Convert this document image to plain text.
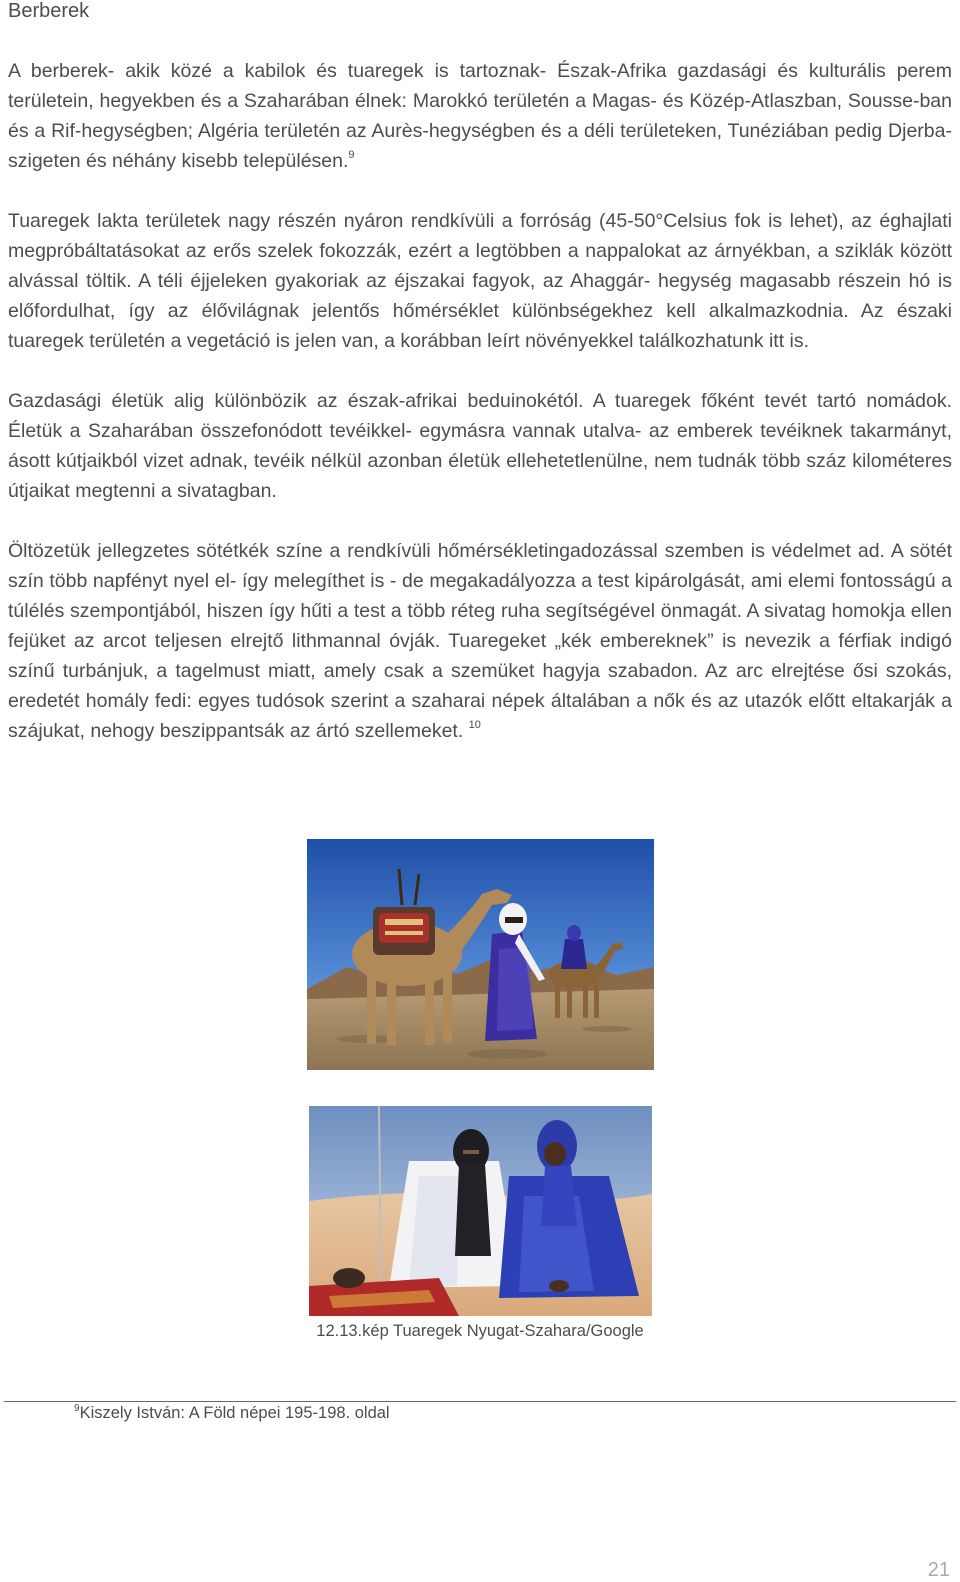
Berberek

A berberek- akik közé a kabilok és tuaregek is tartoznak- Észak-Afrika gazdasági és kulturális perem területein, hegyekben és a Szaharában élnek: Marokkó területén a Magas- és Közép-Atlaszban, Sousse-ban és a Rif-hegységben; Algéria területén az Aurès-hegységben és a déli területeken, Tunéziában pedig Djerba-szigeten és néhány kisebb településen.$^9$

Tuaregek lakta területek nagy részén nyáron rendkívüli a forróság (45-50°Celsius fok is lehet), az éghajlati megpróbáltatásokat az erős szelek fokozzák, ezért a legtöbben a nappalokat az árnyékban, a sziklák között alvással töltik. A téli éjjeleken gyakoriak az éjszakai fagyok, az Ahaggár- hegység magasabb részein hó is előfordulhat, így az élővilágnak jelentős hőmérséklet különbségekhez kell alkalmazkodnia. Az északi tuaregek területén a vegetáció is jelen van, a korábban leírt növényekkel találkozhatunk itt is.

Gazdasági életük alig különbözik az észak-afrikai beduinokétól. A tuaregek főként tevét tartó nomádok. Életük a Szaharában összefonódott tevéikkel- egymásra vannak utalva- az emberek tevéiknek takarmányt, ásott kútjaikból vizet adnak, tevéik nélkül azonban életük ellehetetlenülne, nem tudnák több száz kilométeres útjaikat megtenni a sivatagban.

Öltözetük jellegzetes sötétkék színe a rendkívüli hőmérsékletingadozással szemben is védelmet ad. A sötét szín több napfényt nyel el- így melegíthet is - de megakadályozza a test kipárolgását, ami elemi fontosságú a túlélés szempontjából, hiszen így hűti a test a több réteg ruha segítségével önmagát. A sivatag homokja ellen fejüket az arcot teljesen elrejtő lithmannal óvják. Tuaregeket „kék embereknek” is nevezik a férfiak indigó színű turbánjuk, a tagelmust miatt, amely csak a szemüket hagyja szabadon. Az arc elrejtése ősi szokás, eredetét homály fedi: egyes tudósok szerint a szaharai népek általában a nők és az utazók előtt eltakarják a szájukat, nehogy beszippantsák az ártó szellemeket. $^{10}$

12.13.kép Tuaregek Nyugat-Szahara/Google
$^9$Kiszely István: A Föld népei 195-198. oldal
21
